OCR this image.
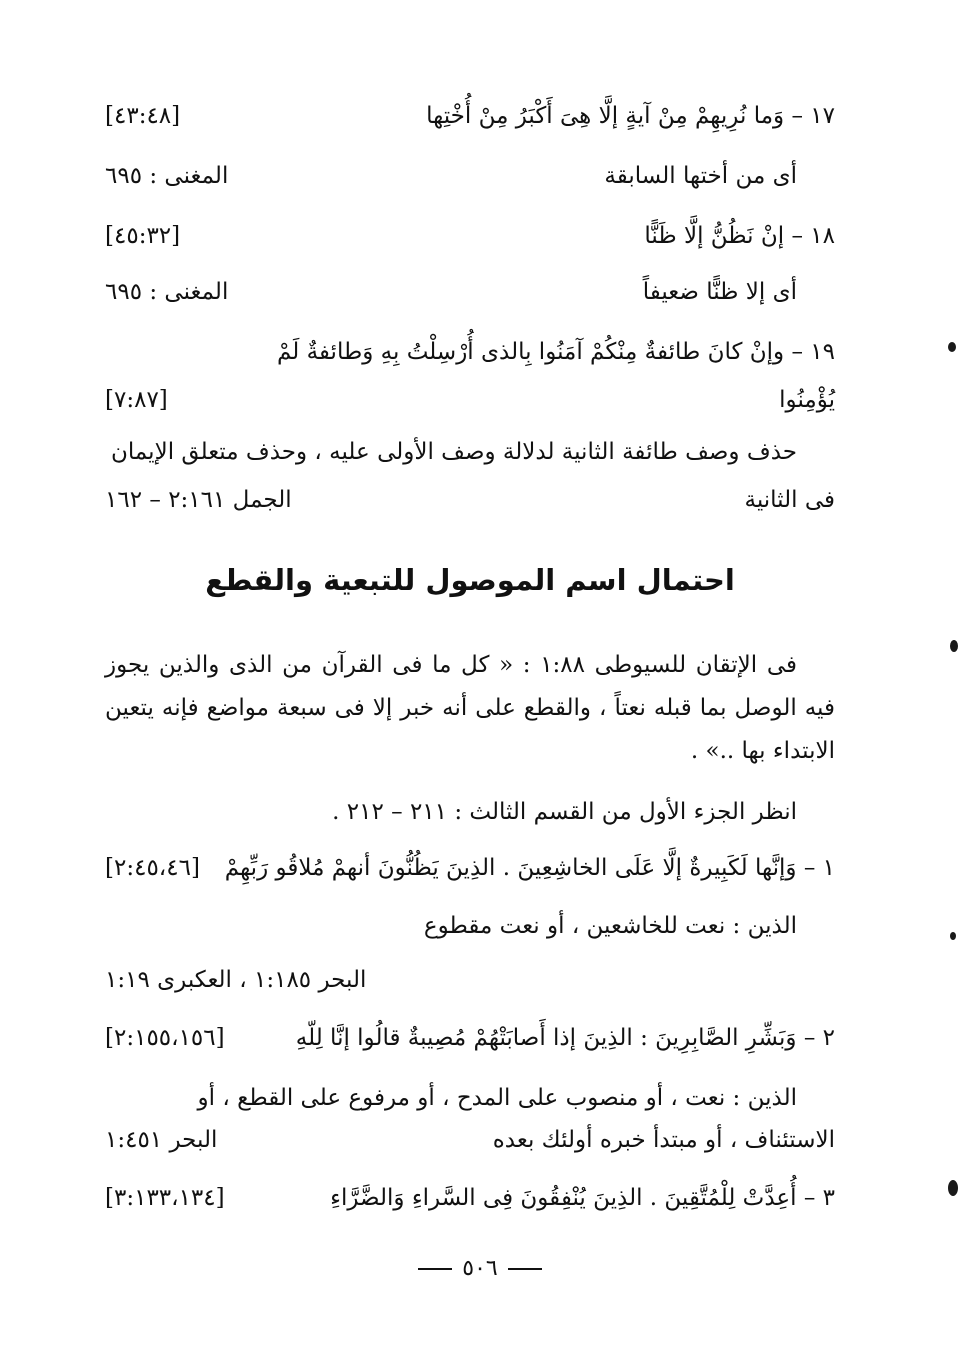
١٧ – وَما نُرِيهِمْ مِنْ آيةٍ إلَّا هِىَ أَكْبَرُ مِنْ أُخْتِها
[٤٣:٤٨]
أى من أختها السابقة
المغنى : ٦٩٥
١٨ – إنْ نَظُنُّ إلَّا ظَنًّا
[٤٥:٣٢]
أى إلا ظنًّا ضعيفاً
المغنى : ٦٩٥
١٩ – وإنْ كانَ طائفةٌ مِنْكُمْ آمَنُوا بِالذى أُرْسِلْتُ بِهِ وَطائفةٌ لَمْ
يُؤْمِنُوا
[٧:٨٧]
حذف وصف طائفة الثانية لدلالة وصف الأولى عليه ، وحذف متعلق الإيمان
فى الثانية
الجمل ٢:١٦١ – ١٦٢
احتمال اسم الموصول للتبعية والقطع
فى الإتقان للسيوطى ١:٨٨ : « كل ما فى القرآن من الذى والذين يجوز فيه الوصل بما قبله نعتاً ، والقطع على أنه خبر إلا فى سبعة مواضع فإنه يتعين الابتداء بها ..» .
انظر الجزء الأول من القسم الثالث : ٢١١ – ٢١٢ .
١ – وَإنَّها لَكَبِيرةٌ إلَّا عَلَى الخاشِعِينَ . الذِينَ يَظُنُّونَ أنهمْ مُلاقُو رَبِّهِمْ
[٢:٤٥،٤٦]
الذين : نعت للخاشعين ، أو نعت مقطوع
البحر ١:١٨٥ ، العكبرى ١:١٩
٢ – وَبَشِّرِ الصَّابِرِينَ : الذِينَ إذا أَصابَتْهُمْ مُصِيبةٌ قالُوا إنَّا لِلّهِ
[٢:١٥٥،١٥٦]
الذين : نعت ، أو منصوب على المدح ، أو مرفوع على القطع ، أو
الاستئناف ، أو مبتدأ خبره أولئك بعده
البحر ١:٤٥١
٣ – أُعِدَّتْ لِلْمُتَّقِينَ . الذِينَ يُنْفِقُونَ فِى السَّراءِ وَالضَّرَّاءِ
[٣:١٣٣،١٣٤]
٥٠٦
